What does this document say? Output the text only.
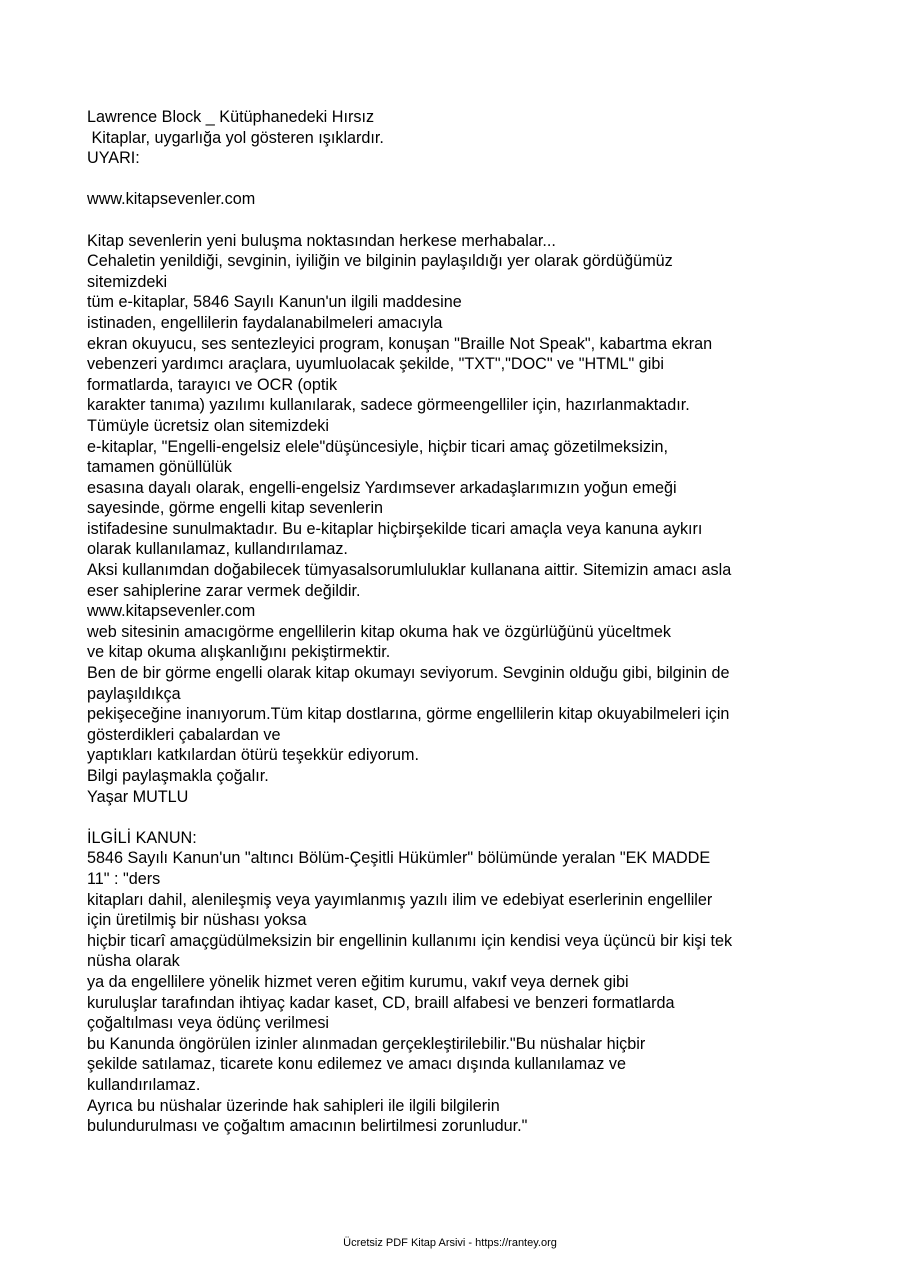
Lawrence Block _ Kütüphanedeki Hırsız
Kitaplar, uygarlığa yol gösteren ışıklardır.
UYARI:
www.kitapsevenler.com
Kitap sevenlerin yeni buluşma noktasından herkese merhabalar...
Cehaletin yenildiği, sevginin, iyiliğin ve bilginin paylaşıldığı yer olarak gördüğümüz
sitemizdeki
tüm e-kitaplar, 5846 Sayılı Kanun'un ilgili maddesine
istinaden, engellilerin faydalanabilmeleri amacıyla
ekran okuyucu, ses sentezleyici program, konuşan "Braille Not Speak", kabartma ekran
vebenzeri yardımcı araçlara, uyumluolacak şekilde, "TXT","DOC" ve "HTML" gibi
formatlarda, tarayıcı ve OCR (optik
karakter tanıma) yazılımı kullanılarak, sadece görmeengelliler için, hazırlanmaktadır.
Tümüyle ücretsiz olan sitemizdeki
e-kitaplar, "Engelli-engelsiz elele"düşüncesiyle, hiçbir ticari amaç gözetilmeksizin,
tamamen gönüllülük
esasına dayalı olarak, engelli-engelsiz Yardımsever arkadaşlarımızın yoğun emeği
sayesinde, görme engelli kitap sevenlerin
istifadesine sunulmaktadır. Bu e-kitaplar hiçbirşekilde ticari amaçla veya kanuna aykırı
olarak kullanılamaz, kullandırılamaz.
Aksi kullanımdan doğabilecek tümyasalsorumluluklar kullanana aittir. Sitemizin amacı asla
eser sahiplerine zarar vermek değildir.
www.kitapsevenler.com
web sitesinin amacıgörme engellilerin kitap okuma hak ve özgürlüğünü yüceltmek
ve kitap okuma alışkanlığını pekiştirmektir.
Ben de bir görme engelli olarak kitap okumayı seviyorum. Sevginin olduğu gibi, bilginin de
paylaşıldıkça
pekişeceğine inanıyorum.Tüm kitap dostlarına, görme engellilerin kitap okuyabilmeleri için
gösterdikleri çabalardan ve
yaptıkları katkılardan ötürü teşekkür ediyorum.
Bilgi paylaşmakla çoğalır.
Yaşar MUTLU
İLGİLİ KANUN:
5846 Sayılı Kanun'un "altıncı Bölüm-Çeşitli Hükümler" bölümünde yeralan "EK MADDE
11" : "ders
kitapları dahil, alenileşmiş veya yayımlanmış yazılı ilim ve edebiyat eserlerinin engelliler
için üretilmiş bir nüshası yoksa
hiçbir ticarî amaçgüdülmeksizin bir engellinin kullanımı için kendisi veya üçüncü bir kişi tek
nüsha olarak
ya da engellilere yönelik hizmet veren eğitim kurumu, vakıf veya dernek gibi
kuruluşlar tarafından ihtiyaç kadar kaset, CD, braill alfabesi ve benzeri formatlarda
çoğaltılması veya ödünç verilmesi
bu Kanunda öngörülen izinler alınmadan gerçekleştirilebilir."Bu nüshalar hiçbir
şekilde satılamaz, ticarete konu edilemez ve amacı dışında kullanılamaz ve
kullandırılamaz.
Ayrıca bu nüshalar üzerinde hak sahipleri ile ilgili bilgilerin
bulundurulması ve çoğaltım amacının belirtilmesi zorunludur."
Ücretsiz PDF Kitap Arsivi - https://rantey.org
